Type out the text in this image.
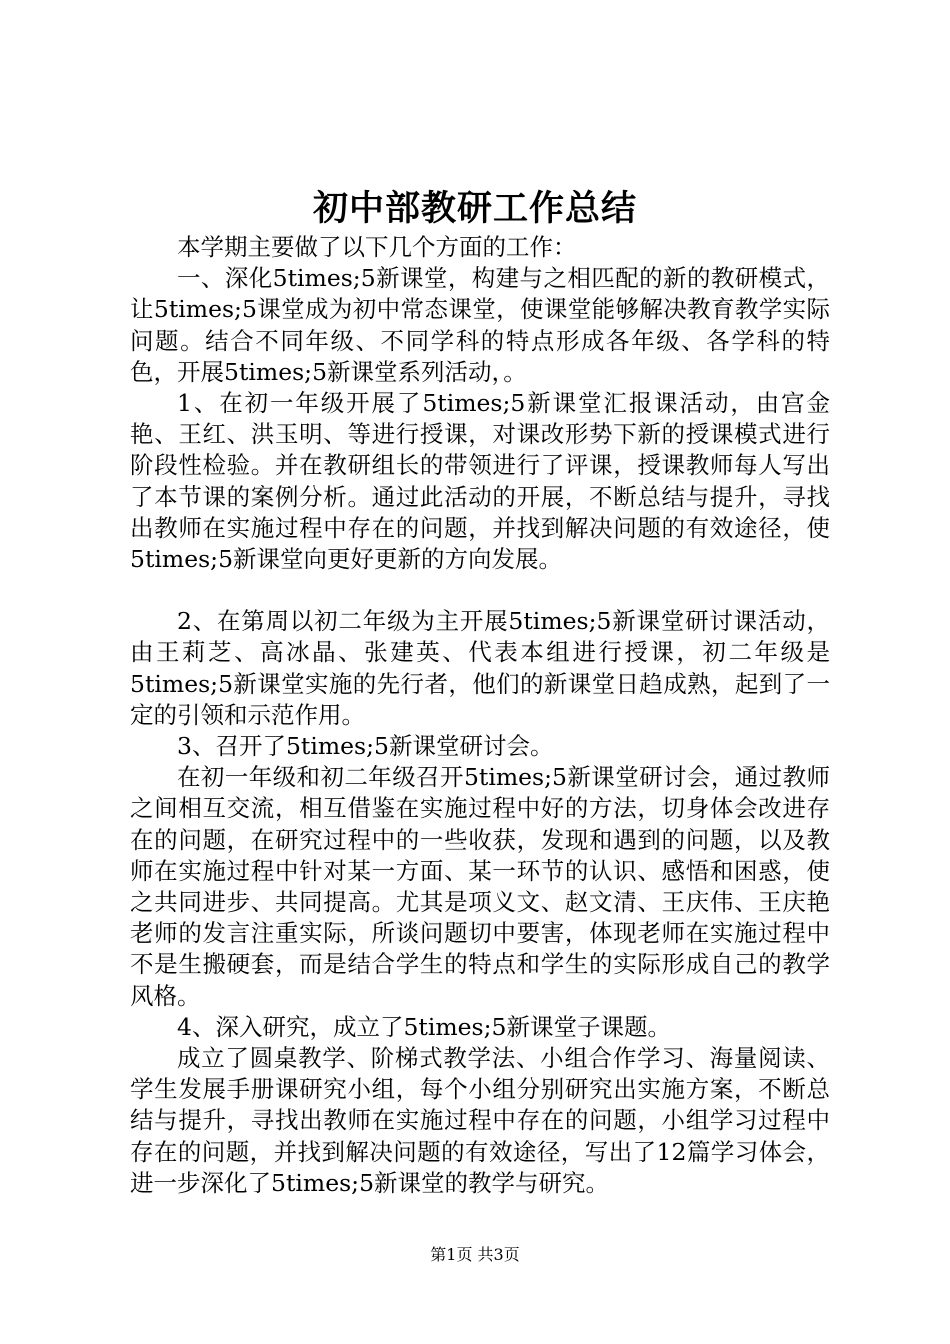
初中部教研工作总结

本学期主要做了以下几个方面的工作：

一、深化5times;5新课堂，构建与之相匹配的新的教研模式，让5times;5课堂成为初中常态课堂，使课堂能够解决教育教学实际问题。结合不同年级、不同学科的特点形成各年级、各学科的特色，开展5times;5新课堂系列活动，。

1、在初一年级开展了5times;5新课堂汇报课活动，由宫金艳、王红、洪玉明、等进行授课，对课改形势下新的授课模式进行阶段性检验。并在教研组长的带领进行了评课，授课教师每人写出了本节课的案例分析。通过此活动的开展，不断总结与提升，寻找出教师在实施过程中存在的问题，并找到解决问题的有效途径，使5times;5新课堂向更好更新的方向发展。

2、在第周以初二年级为主开展5times;5新课堂研讨课活动，由王莉芝、高冰晶、张建英、代表本组进行授课，初二年级是5times;5新课堂实施的先行者，他们的新课堂日趋成熟，起到了一定的引领和示范作用。

3、召开了5times;5新课堂研讨会。

在初一年级和初二年级召开5times;5新课堂研讨会，通过教师之间相互交流，相互借鉴在实施过程中好的方法，切身体会改进存在的问题，在研究过程中的一些收获，发现和遇到的问题，以及教师在实施过程中针对某一方面、某一环节的认识、感悟和困惑，使之共同进步、共同提高。尤其是项义文、赵文清、王庆伟、王庆艳老师的发言注重实际，所谈问题切中要害，体现老师在实施过程中不是生搬硬套，而是结合学生的特点和学生的实际形成自己的教学风格。

4、深入研究，成立了5times;5新课堂子课题。

成立了圆桌教学、阶梯式教学法、小组合作学习、海量阅读、学生发展手册课研究小组，每个小组分别研究出实施方案，不断总结与提升，寻找出教师在实施过程中存在的问题，小组学习过程中存在的问题，并找到解决问题的有效途径，写出了12篇学习体会，进一步深化了5times;5新课堂的教学与研究。

第1页 共3页
